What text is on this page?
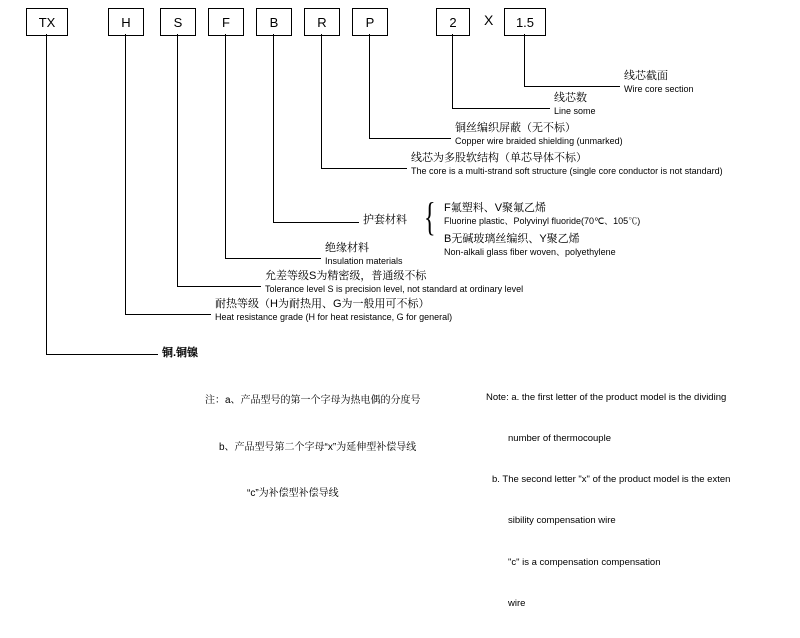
TX	H	S	F	B	R	P	2 X 1.5
线芯截面
Wire core section
线芯数
Line some
铜丝编织屏蔽（无不标）
Copper wire braided shielding (unmarked)
线芯为多股软结构（单芯导体不标）
The core is a multi-strand soft structure (single core conductor is not standard)
护套材料 { F氟塑料、V聚氟乙烯
Fluorine plastic、Polyvinyl fluoride(70℃、105℃)
B无碱玻璃丝编织、Y聚乙烯
Non-alkali glass fiber woven、polyethylene
绝缘材料
Insulation materials
允差等级S为精密级，普通级不标
Tolerance level S is precision level, not standard at ordinary level
耐热等级（H为耐热用、G为一般用可不标）
Heat resistance grade (H for heat resistance, G for general)
铜.铜镍

注：a、产品型号的第一个字母为热电偶的分度号

b、产品型号第二个字母“x”为延伸型补偿导线

“c”为补偿型补偿导线

Note: a. the first letter of the product model is the dividing

number of thermocouple

b. The second letter "x" of the product model is the exten

sibility compensation wire

"c" is a compensation compensation

wire
